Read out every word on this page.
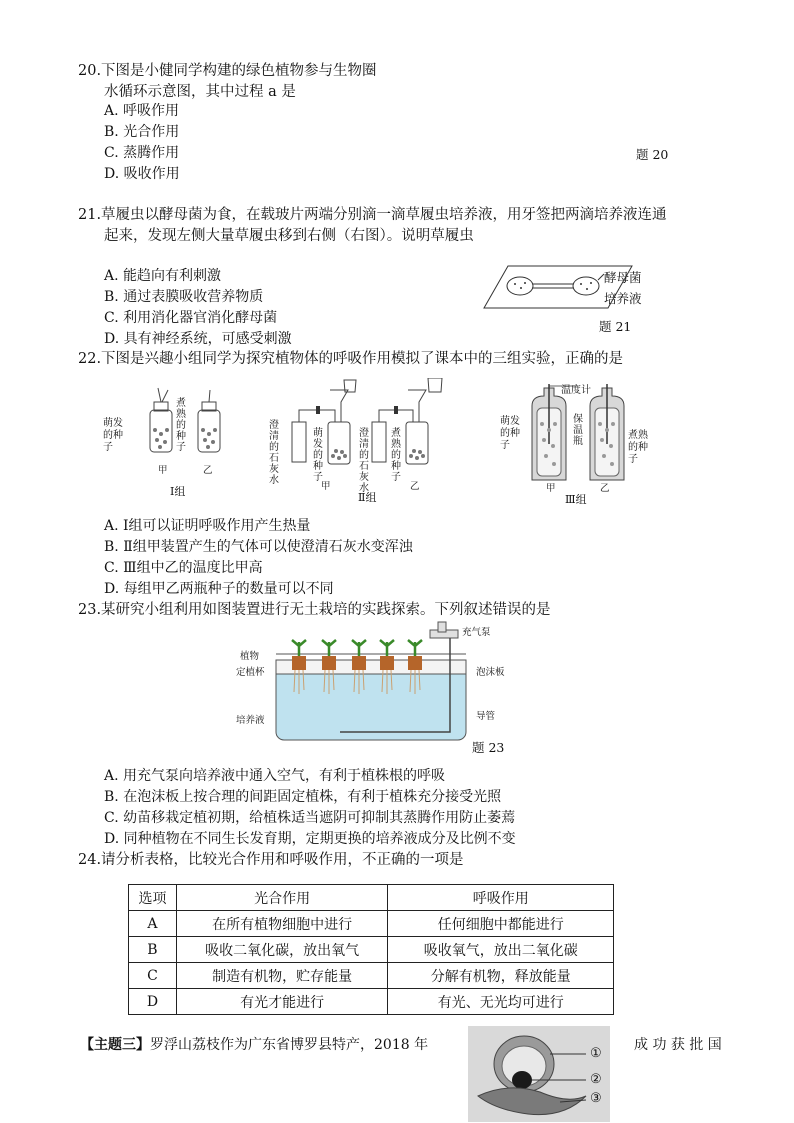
20.下图是小健同学构建的绿色植物参与生物圈
水循环示意图，其中过程 a 是
A. 呼吸作用
B. 光合作用
C. 蒸腾作用
D. 吸收作用
题 20
21.草履虫以酵母菌为食，在载玻片两端分别滴一滴草履虫培养液，用牙签把两滴培养液连通
起来，发现左侧大量草履虫移到右侧（右图）。说明草履虫
A. 能趋向有利刺激
B. 通过表膜吸收营养物质
C. 利用消化器官消化酵母菌
D. 具有神经系统，可感受刺激
酵母菌
培养液
题 21
22.下图是兴趣小组同学为探究植物体的呼吸作用模拟了课本中的三组实验，正确的是
萌发的种子
煮熟的种子
甲	乙
Ⅰ组
澄清的石灰水
萌发的种子
澄清的石灰水
煮熟的种子
甲	乙
Ⅱ组
温度计
萌发的种子
保温瓶
煮熟的种子
甲	乙
Ⅲ组
A. Ⅰ组可以证明呼吸作用产生热量
B. Ⅱ组甲装置产生的气体可以使澄清石灰水变浑浊
C. Ⅲ组中乙的温度比甲高
D. 每组甲乙两瓶种子的数量可以不同
23.某研究小组利用如图装置进行无土栽培的实践探索。下列叙述错误的是
植物
定植杯
培养液
充气泵
泡沫板
导管
题 23
A. 用充气泵向培养液中通入空气，有利于植株根的呼吸
B. 在泡沫板上按合理的间距固定植株，有利于植株充分接受光照
C. 幼苗移栽定植初期，给植株适当遮阴可抑制其蒸腾作用防止萎蔫
D. 同种植物在不同生长发育期，定期更换的培养液成分及比例不变
24.请分析表格，比较光合作用和呼吸作用，不正确的一项是
选项	光合作用	呼吸作用
A	在所有植物细胞中进行	任何细胞中都能进行
B	吸收二氧化碳，放出氧气	吸收氧气，放出二氧化碳
C	制造有机物，贮存能量	分解有机物，释放能量
D	有光才能进行	有光、无光均可进行
【主题三】罗浮山荔枝作为广东省博罗县特产，2018 年	成 功 获 批 国
①
②
③
